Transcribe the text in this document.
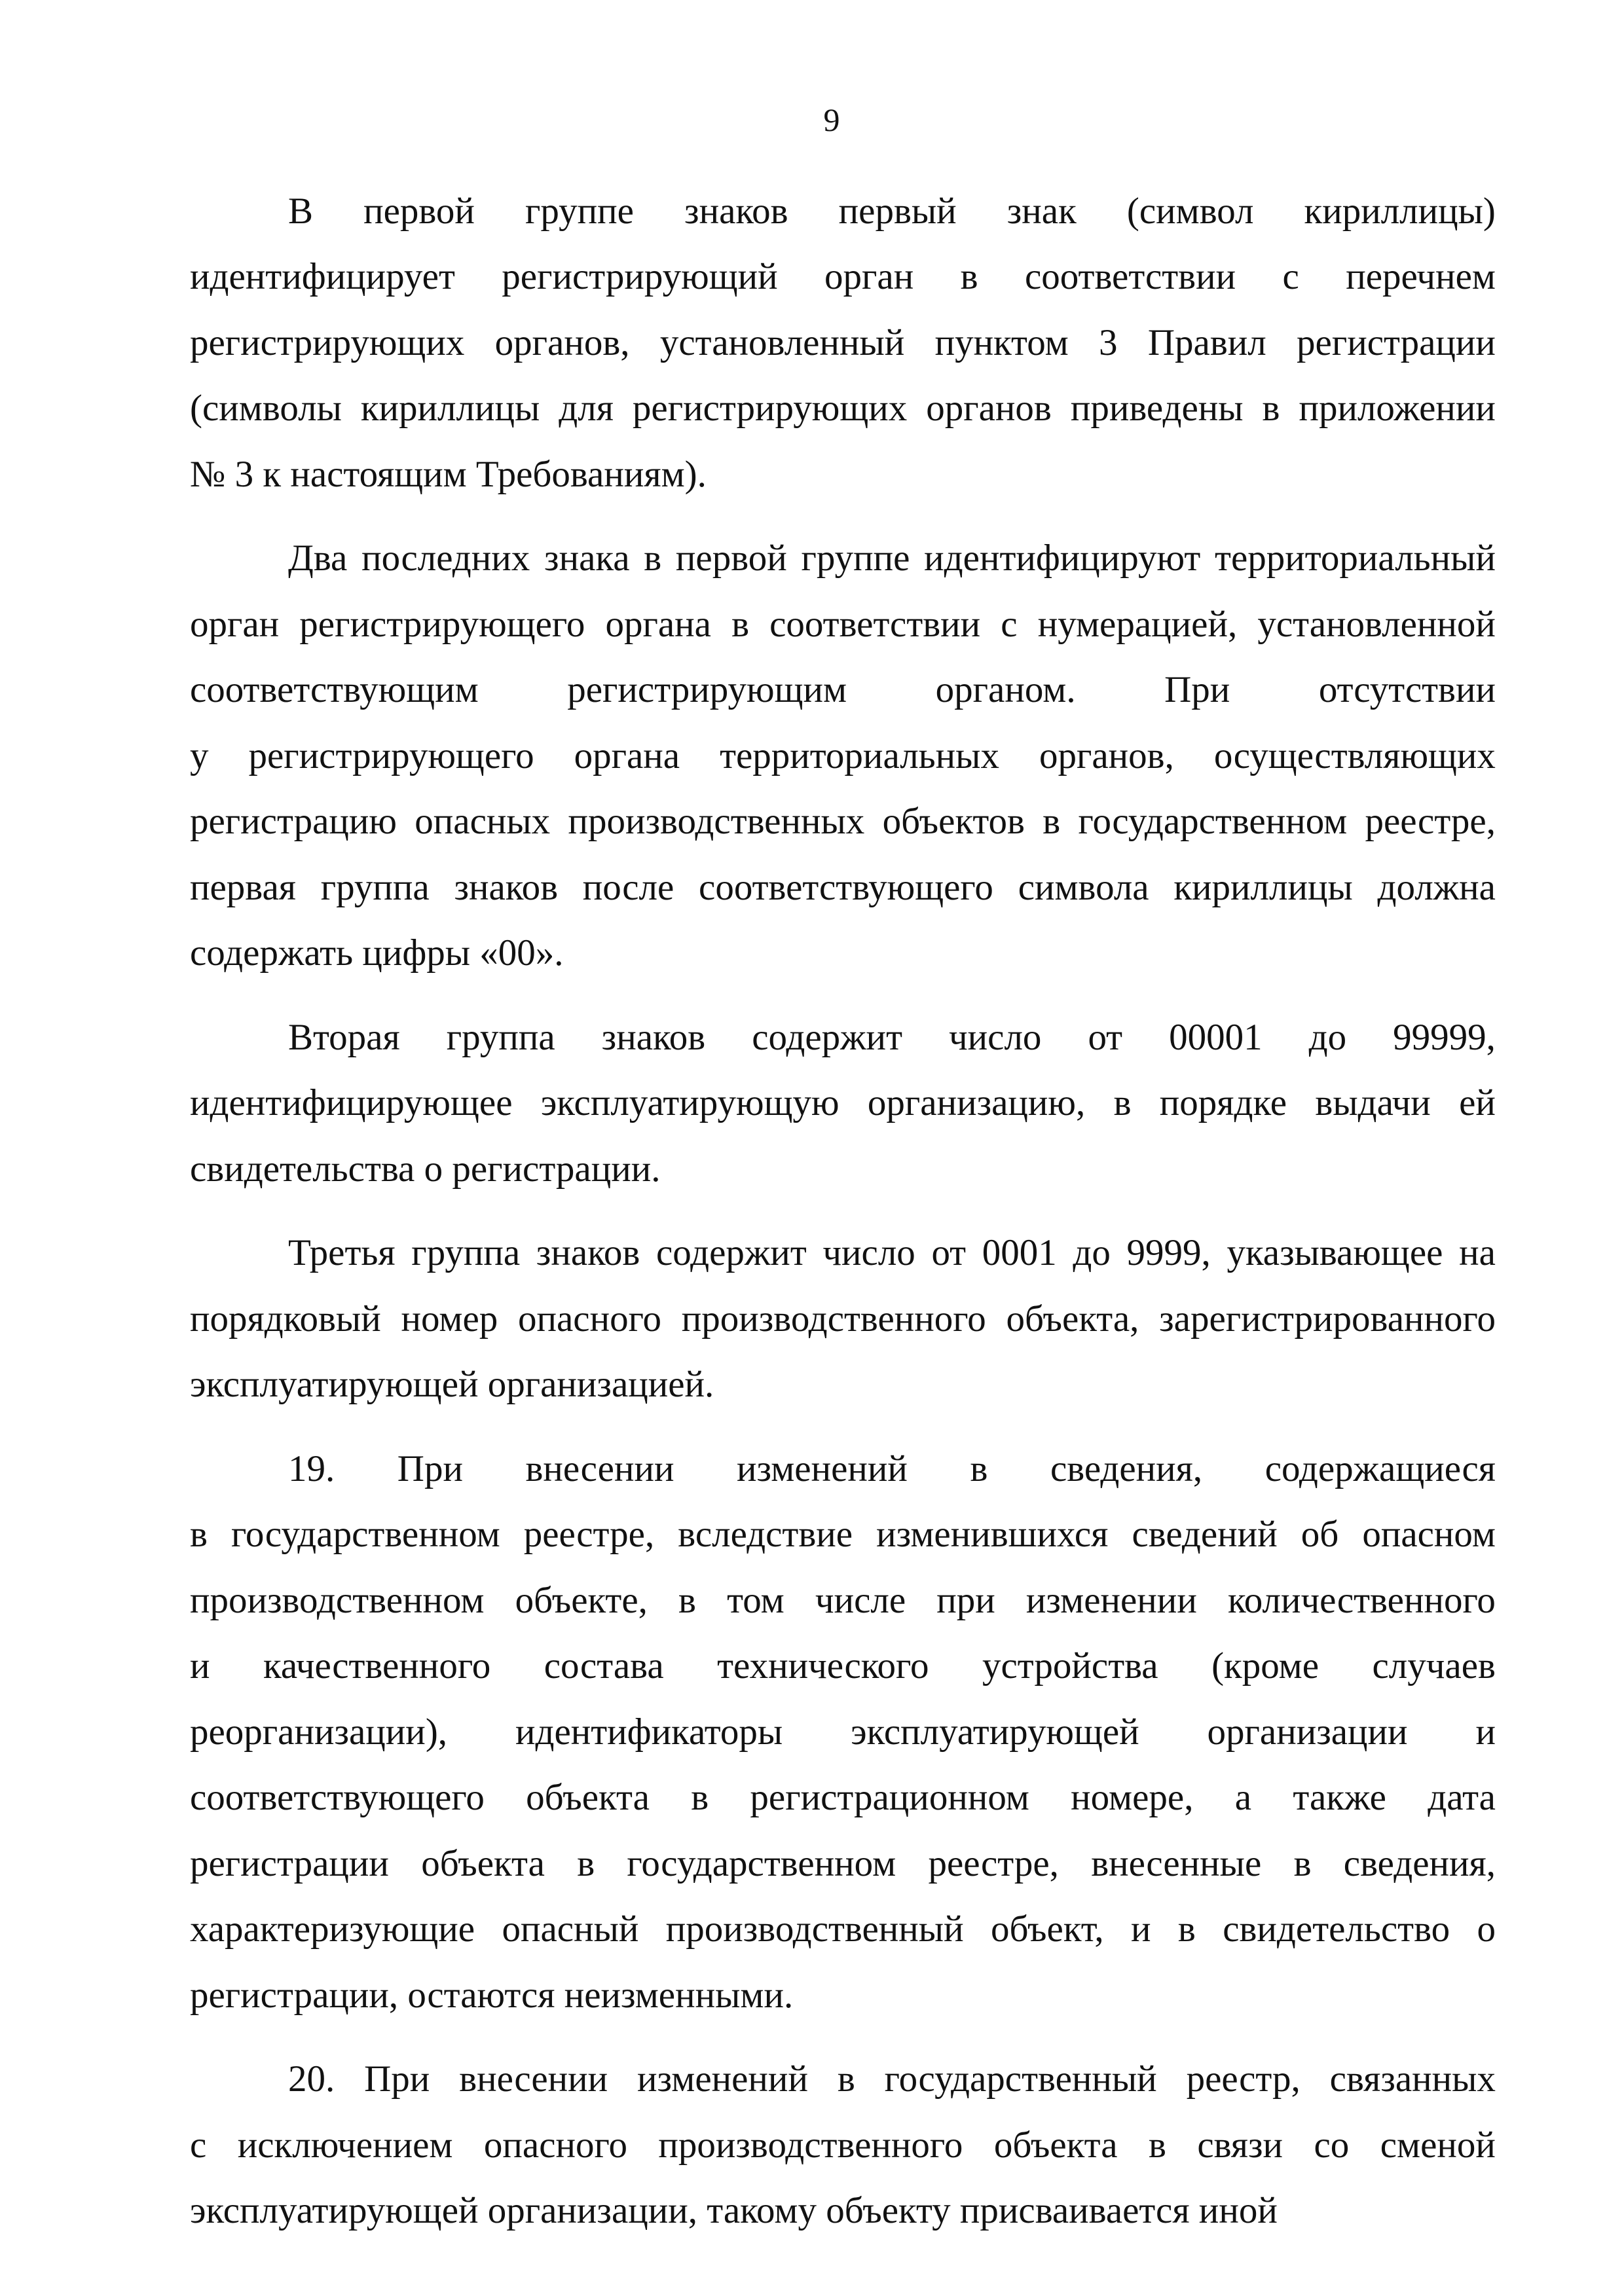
9
В первой группе знаков первый знак (символ кириллицы)
идентифицирует регистрирующий орган в соответствии с перечнем
регистрирующих органов, установленный пунктом 3 Правил регистрации
(символы кириллицы для регистрирующих органов приведены в приложении
№ 3 к настоящим Требованиям).
Два последних знака в первой группе идентифицируют территориальный
орган регистрирующего органа в соответствии с нумерацией, установленной
соответствующим регистрирующим органом. При отсутствии
у регистрирующего органа территориальных органов, осуществляющих
регистрацию опасных производственных объектов в государственном реестре,
первая группа знаков после соответствующего символа кириллицы должна
содержать цифры «00».
Вторая группа знаков содержит число от 00001 до 99999,
идентифицирующее эксплуатирующую организацию, в порядке выдачи ей
свидетельства о регистрации.
Третья группа знаков содержит число от 0001 до 9999, указывающее на
порядковый номер опасного производственного объекта, зарегистрированного
эксплуатирующей организацией.
19. При внесении изменений в сведения, содержащиеся
в государственном реестре, вследствие изменившихся сведений об опасном
производственном объекте, в том числе при изменении количественного
и качественного состава технического устройства (кроме случаев
реорганизации), идентификаторы эксплуатирующей организации и
соответствующего объекта в регистрационном номере, а также дата
регистрации объекта в государственном реестре, внесенные в сведения,
характеризующие опасный производственный объект, и в свидетельство о
регистрации, остаются неизменными.
20. При внесении изменений в государственный реестр, связанных
с исключением опасного производственного объекта в связи со сменой
эксплуатирующей организации, такому объекту присваивается иной
